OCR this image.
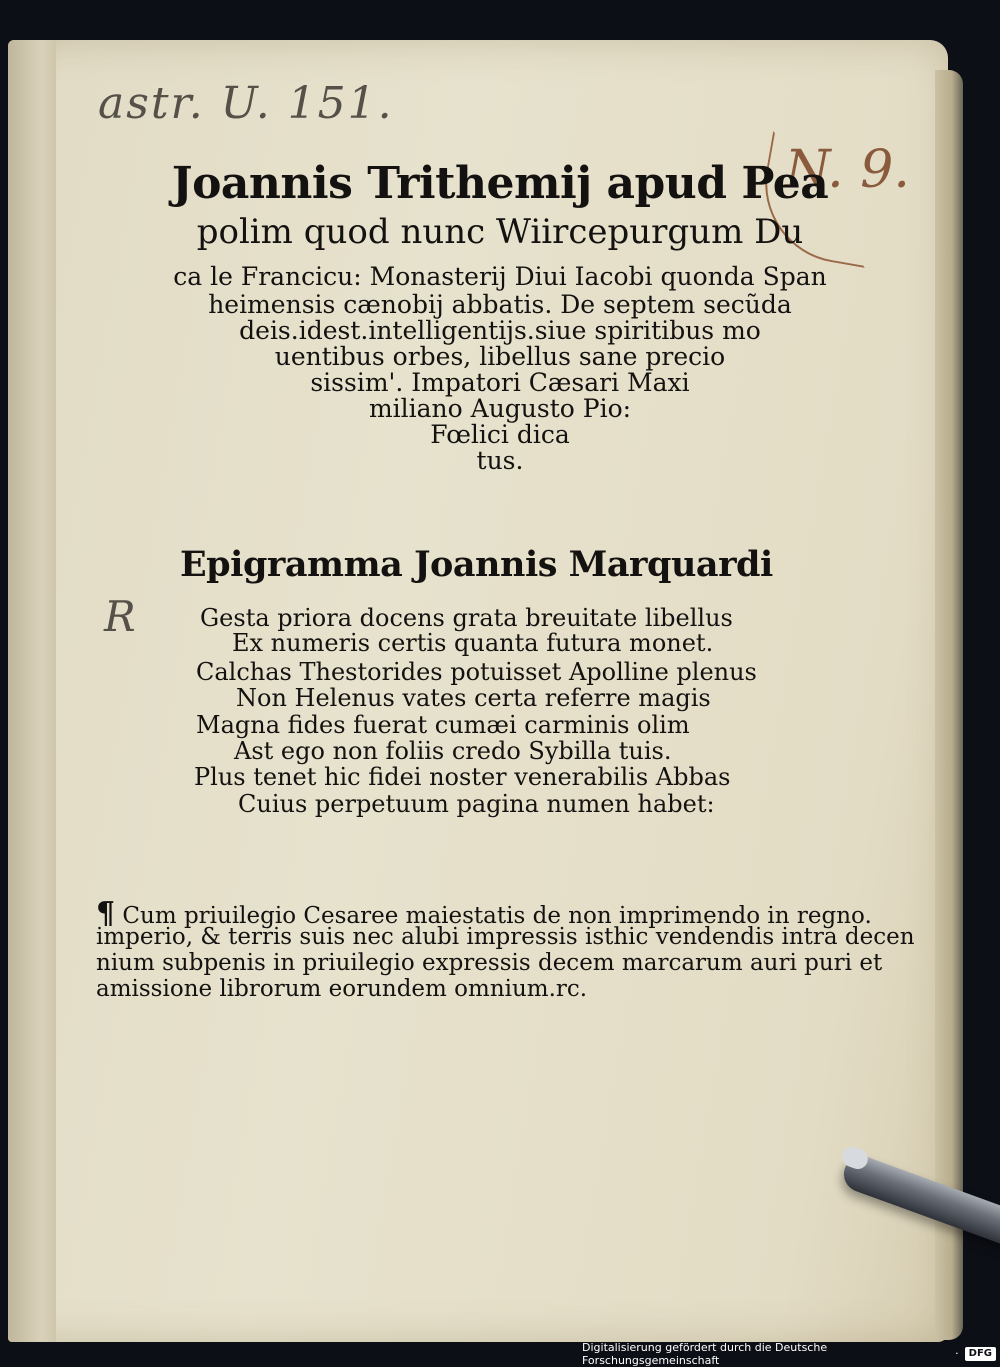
astr. U. 151.
N. 9.
R
Joannis Trithemij apud Pea
polim quod nunc Wiircepurgum Du
ca le Francicu: Monasterij Diui Iacobi quonda Span
heimensis cænobij abbatis. De septem secũda
deis.idest.intelligentijs.siue spiritibus mo
uentibus orbes, libellus sane precio
sissim'. Impatori Cæsari Maxi
miliano Augusto Pio:
Fœlici dica
tus.
Epigramma Joannis Marquardi
Gesta priora docens grata breuitate libellus
Ex numeris certis quanta futura monet.
Calchas Thestorides potuisset Apolline plenus
Non Helenus vates certa referre magis
Magna fides fuerat cumæi carminis olim
Ast ego non foliis credo Sybilla tuis.
Plus tenet hic fidei noster venerabilis Abbas
Cuius perpetuum pagina numen habet:
¶ Cum priuilegio Cesaree maiestatis de non imprimendo in regno.
imperio, & terris suis nec alubi impressis isthic vendendis intra decen
nium subpenis in priuilegio expressis decem marcarum auri puri et
amissione librorum eorundem omnium.rc.
Digitalisierung gefördert durch die Deutsche Forschungsgemeinschaft	·	DFG
